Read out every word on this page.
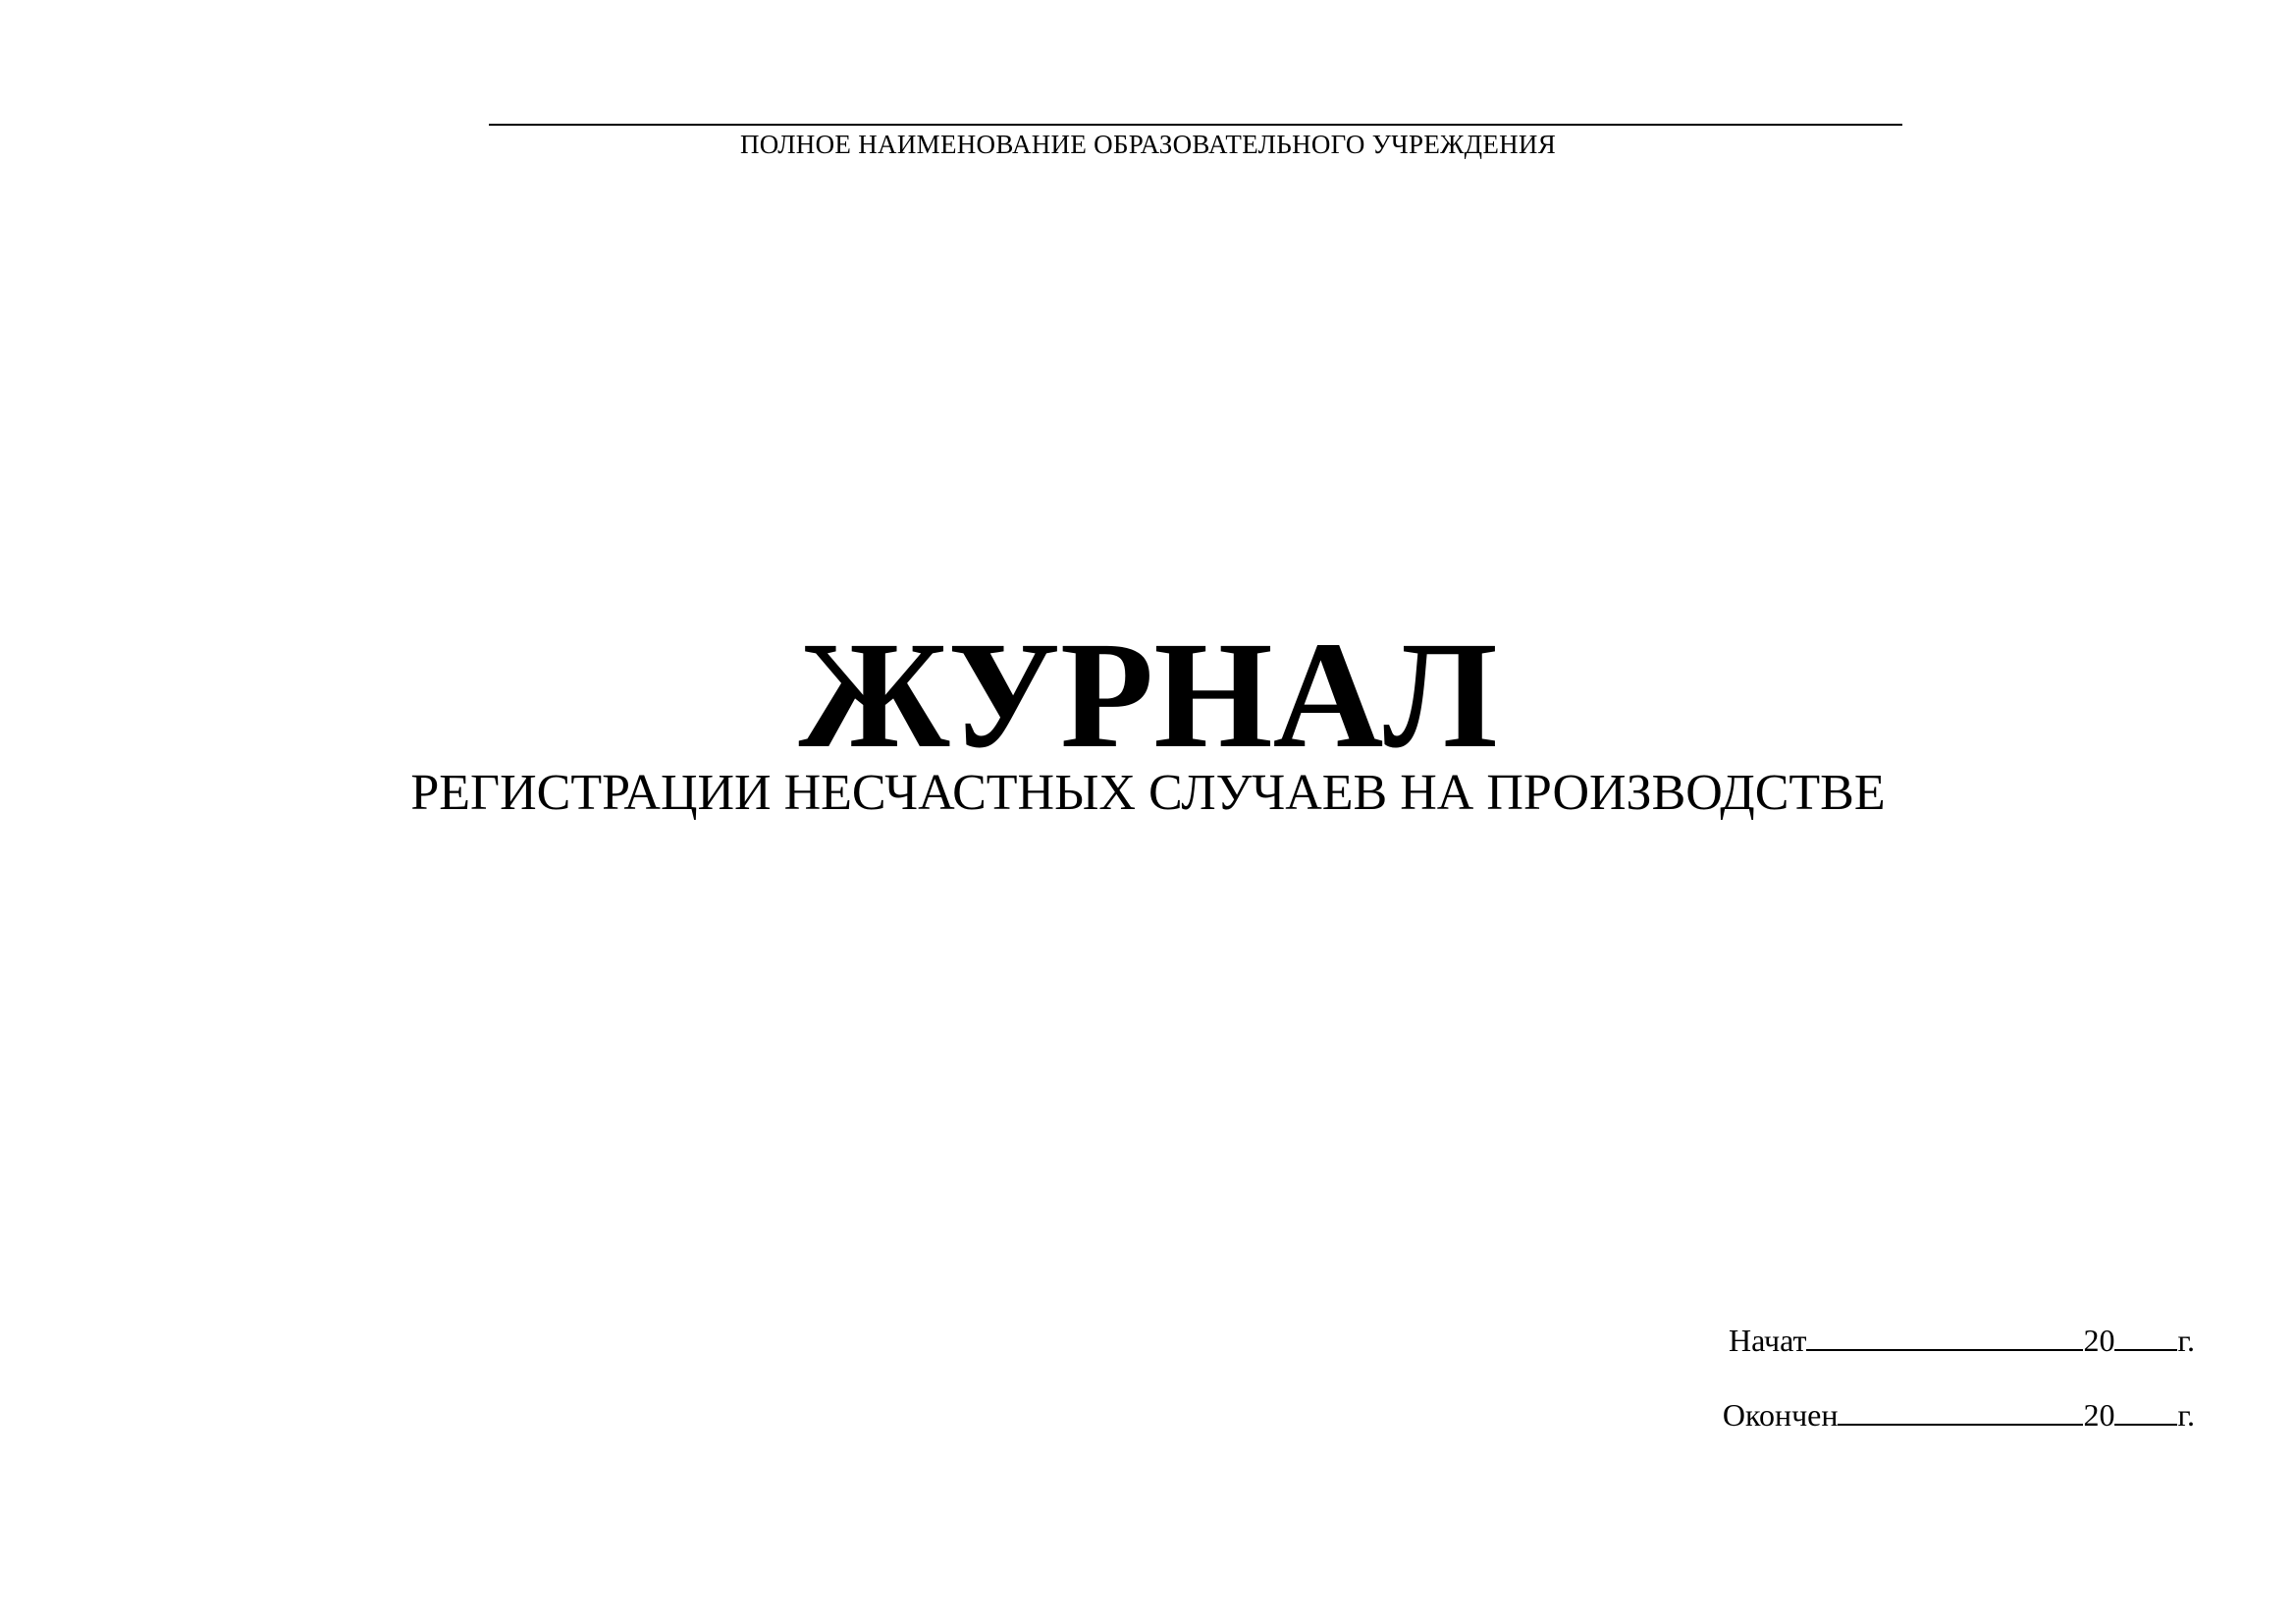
ПОЛНОЕ НАИМЕНОВАНИЕ ОБРАЗОВАТЕЛЬНОГО УЧРЕЖДЕНИЯ
ЖУРНАЛ
РЕГИСТРАЦИИ НЕСЧАСТНЫХ СЛУЧАЕВ НА ПРОИЗВОДСТВЕ
Начат	20 г.
Окончен	20 г.
